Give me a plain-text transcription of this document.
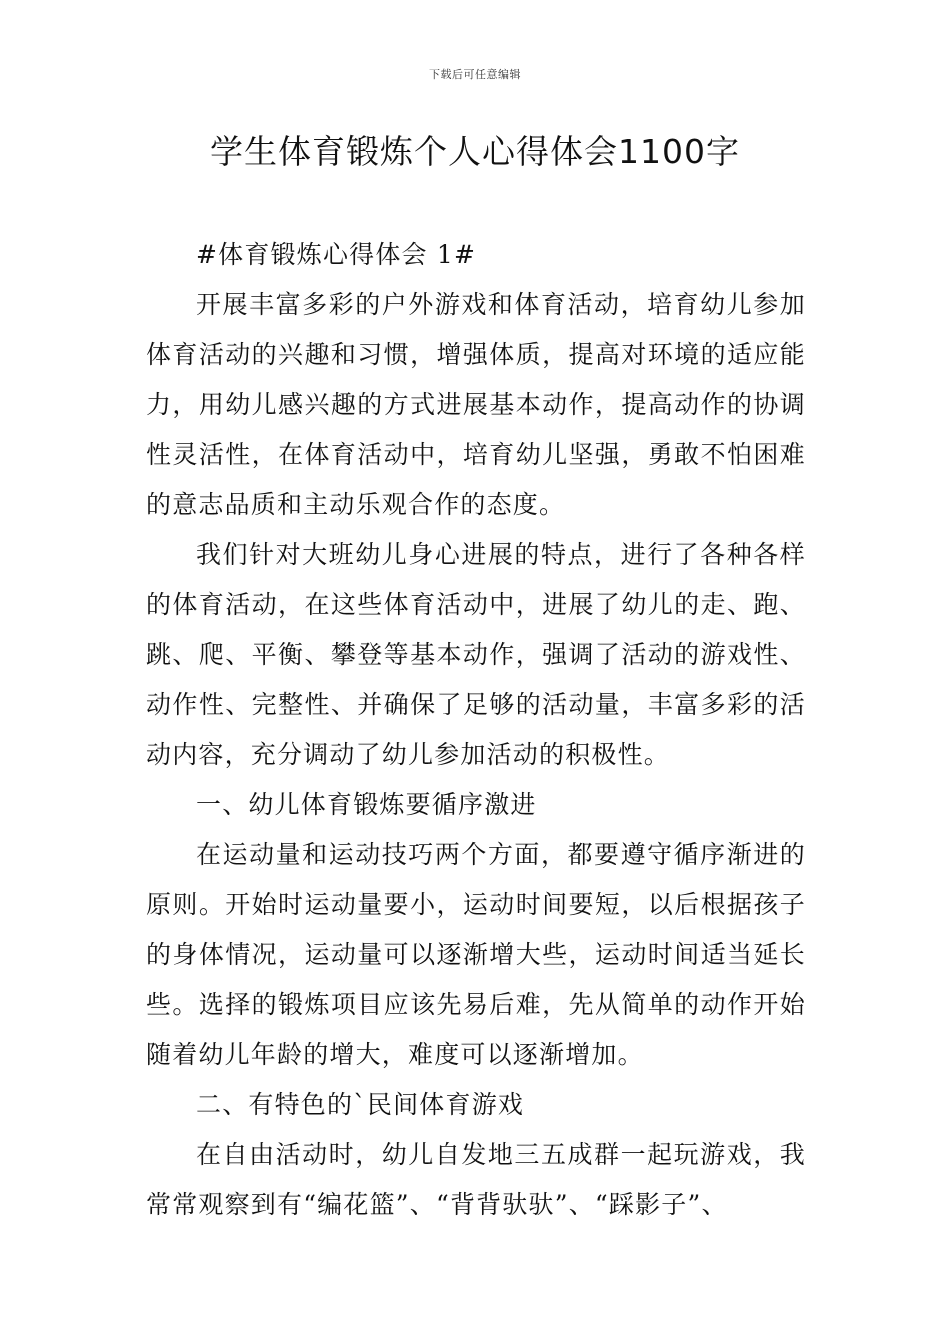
下载后可任意编辑
学生体育锻炼个人心得体会1100字

#体育锻炼心得体会 1#

开展丰富多彩的户外游戏和体育活动，培育幼儿参加体育活动的兴趣和习惯，增强体质，提高对环境的适应能力，用幼儿感兴趣的方式进展基本动作，提高动作的协调性灵活性，在体育活动中，培育幼儿坚强，勇敢不怕困难的意志品质和主动乐观合作的态度。

我们针对大班幼儿身心进展的特点，进行了各种各样的体育活动，在这些体育活动中，进展了幼儿的走、跑、跳、爬、平衡、攀登等基本动作，强调了活动的游戏性、动作性、完整性、并确保了足够的活动量，丰富多彩的活动内容，充分调动了幼儿参加活动的积极性。

一、幼儿体育锻炼要循序激进

在运动量和运动技巧两个方面，都要遵守循序渐进的原则。开始时运动量要小，运动时间要短，以后根据孩子的身体情况，运动量可以逐渐增大些，运动时间适当延长些。选择的锻炼项目应该先易后难，先从简单的动作开始随着幼儿年龄的增大，难度可以逐渐增加。

二、有特色的`民间体育游戏

在自由活动时，幼儿自发地三五成群一起玩游戏，我常常观察到有“编花篮”、“背背驮驮”、“踩影子”、
